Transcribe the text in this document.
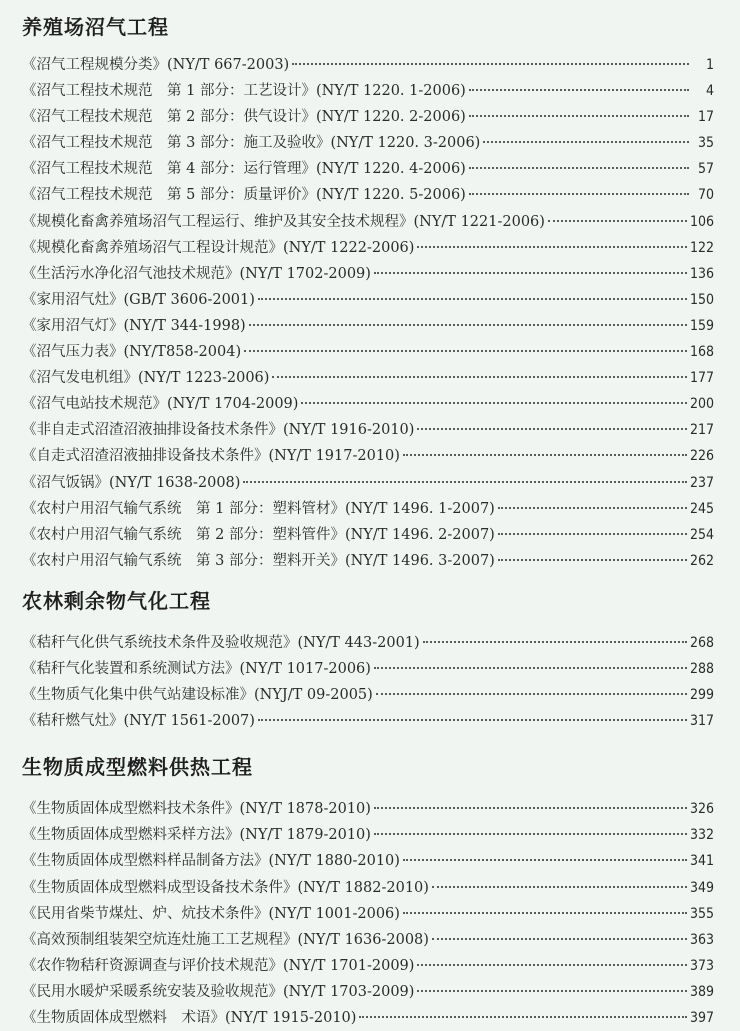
养殖场沼气工程
《沼气工程规模分类》(NY/T 667-2003)	1
《沼气工程技术规范　第 1 部分：工艺设计》(NY/T 1220. 1-2006)	4
《沼气工程技术规范　第 2 部分：供气设计》(NY/T 1220. 2-2006)	17
《沼气工程技术规范　第 3 部分：施工及验收》(NY/T 1220. 3-2006)	35
《沼气工程技术规范　第 4 部分：运行管理》(NY/T 1220. 4-2006)	57
《沼气工程技术规范　第 5 部分：质量评价》(NY/T 1220. 5-2006)	70
《规模化畜禽养殖场沼气工程运行、维护及其安全技术规程》(NY/T 1221-2006)	106
《规模化畜禽养殖场沼气工程设计规范》(NY/T 1222-2006)	122
《生活污水净化沼气池技术规范》(NY/T 1702-2009)	136
《家用沼气灶》(GB/T 3606-2001)	150
《家用沼气灯》(NY/T 344-1998)	159
《沼气压力表》(NY/T858-2004)	168
《沼气发电机组》(NY/T 1223-2006)	177
《沼气电站技术规范》(NY/T 1704-2009)	200
《非自走式沼渣沼液抽排设备技术条件》(NY/T 1916-2010)	217
《自走式沼渣沼液抽排设备技术条件》(NY/T 1917-2010)	226
《沼气饭锅》(NY/T 1638-2008)	237
《农村户用沼气输气系统　第 1 部分：塑料管材》(NY/T 1496. 1-2007)	245
《农村户用沼气输气系统　第 2 部分：塑料管件》(NY/T 1496. 2-2007)	254
《农村户用沼气输气系统　第 3 部分：塑料开关》(NY/T 1496. 3-2007)	262
农林剩余物气化工程
《秸秆气化供气系统技术条件及验收规范》(NY/T 443-2001)	268
《秸秆气化装置和系统测试方法》(NY/T 1017-2006)	288
《生物质气化集中供气站建设标准》(NYJ/T 09-2005)	299
《秸秆燃气灶》(NY/T 1561-2007)	317
生物质成型燃料供热工程
《生物质固体成型燃料技术条件》(NY/T 1878-2010)	326
《生物质固体成型燃料采样方法》(NY/T 1879-2010)	332
《生物质固体成型燃料样品制备方法》(NY/T 1880-2010)	341
《生物质固体成型燃料成型设备技术条件》(NY/T 1882-2010)	349
《民用省柴节煤灶、炉、炕技术条件》(NY/T 1001-2006)	355
《高效预制组装架空炕连灶施工工艺规程》(NY/T 1636-2008)	363
《农作物秸秆资源调查与评价技术规范》(NY/T 1701-2009)	373
《民用水暖炉采暖系统安装及验收规范》(NY/T 1703-2009)	389
《生物质固体成型燃料　术语》(NY/T 1915-2010)	397
